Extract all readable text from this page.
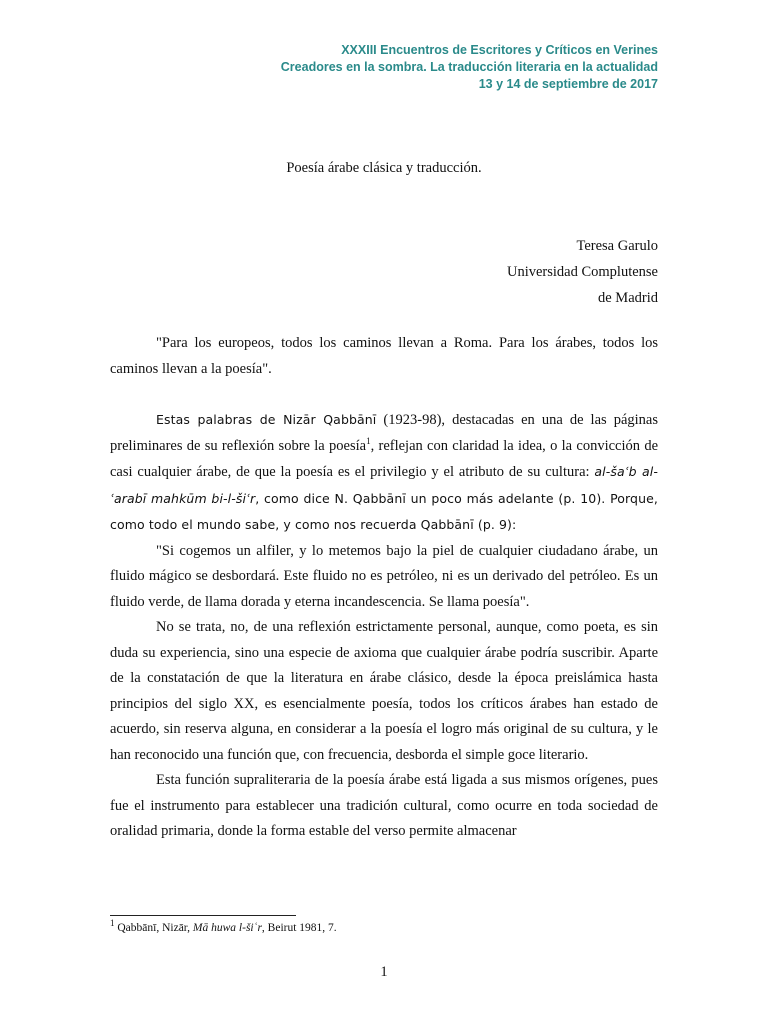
XXXIII Encuentros de Escritores y Críticos en Verines
Creadores en la sombra. La traducción literaria en la actualidad
13 y 14 de septiembre de 2017
Poesía árabe clásica y traducción.
Teresa Garulo
Universidad Complutense
de Madrid

"Para los europeos, todos los caminos llevan a Roma. Para los árabes, todos los caminos llevan a la poesía".

Estas palabras de Nizār Qabbānī (1923-98), destacadas en una de las páginas preliminares de su reflexión sobre la poesía$^1$, reflejan con claridad la idea, o la convicción de casi cualquier árabe, de que la poesía es el privilegio y el atributo de su cultura: al-šaʿb al-ʿarabī mahkūm bi-l-šiʿr, como dice N. Qabbānī un poco más adelante (p. 10). Porque, como todo el mundo sabe, y como nos recuerda Qabbānī (p. 9):

"Si cogemos un alfiler, y lo metemos bajo la piel de cualquier ciudadano árabe, un fluido mágico se desbordará. Este fluido no es petróleo, ni es un derivado del petróleo. Es un fluido verde, de llama dorada y eterna incandescencia. Se llama poesía".

No se trata, no, de una reflexión estrictamente personal, aunque, como poeta, es sin duda su experiencia, sino una especie de axioma que cualquier árabe podría suscribir. Aparte de la constatación de que la literatura en árabe clásico, desde la época preislámica hasta principios del siglo XX, es esencialmente poesía, todos los críticos árabes han estado de acuerdo, sin reserva alguna, en considerar a la poesía el logro más original de su cultura, y le han reconocido una función que, con frecuencia, desborda el simple goce literario.

Esta función supraliteraria de la poesía árabe está ligada a sus mismos orígenes, pues fue el instrumento para establecer una tradición cultural, como ocurre en toda sociedad de oralidad primaria, donde la forma estable del verso permite almacenar

$^1$ Qabbānī, Nizār, Mā huwa l-šiʿr, Beirut 1981, 7.
1
